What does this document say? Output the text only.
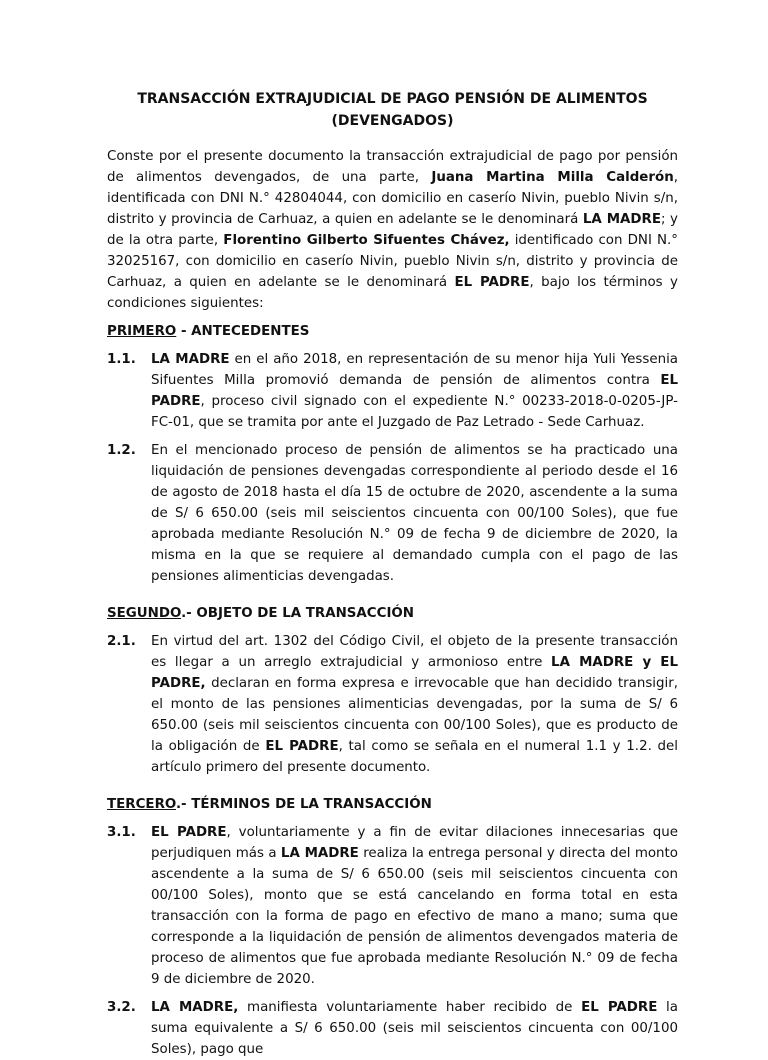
TRANSACCIÓN EXTRAJUDICIAL DE PAGO PENSIÓN DE ALIMENTOS
(DEVENGADOS)

Conste por el presente documento la transacción extrajudicial de pago por pensión de alimentos devengados, de una parte, Juana Martina Milla Calderón, identificada con DNI N.° 42804044, con domicilio en caserío Nivin, pueblo Nivin s/n, distrito y provincia de Carhuaz, a quien en adelante se le denominará LA MADRE; y de la otra parte, Florentino Gilberto Sifuentes Chávez, identificado con DNI N.° 32025167, con domicilio en caserío Nivin, pueblo Nivin s/n, distrito y provincia de Carhuaz, a quien en adelante se le denominará EL PADRE, bajo los términos y condiciones siguientes:

PRIMERO - ANTECEDENTES
1.1.	LA MADRE en el año 2018, en representación de su menor hija Yuli Yessenia Sifuentes Milla promovió demanda de pensión de alimentos contra EL PADRE, proceso civil signado con el expediente N.° 00233-2018-0-0205-JP-FC-01, que se tramita por ante el Juzgado de Paz Letrado - Sede Carhuaz.
1.2.	En el mencionado proceso de pensión de alimentos se ha practicado una liquidación de pensiones devengadas correspondiente al periodo desde el 16 de agosto de 2018 hasta el día 15 de octubre de 2020, ascendente a la suma de S/ 6 650.00 (seis mil seiscientos cincuenta con 00/100 Soles), que fue aprobada mediante Resolución N.° 09 de fecha 9 de diciembre de 2020, la misma en la que se requiere al demandado cumpla con el pago de las pensiones alimenticias devengadas.
SEGUNDO.- OBJETO DE LA TRANSACCIÓN
2.1.	En virtud del art. 1302 del Código Civil, el objeto de la presente transacción es llegar a un arreglo extrajudicial y armonioso entre LA MADRE y EL PADRE, declaran en forma expresa e irrevocable que han decidido transigir, el monto de las pensiones alimenticias devengadas, por la suma de S/ 6 650.00 (seis mil seiscientos cincuenta con 00/100 Soles), que es producto de la obligación de EL PADRE, tal como se señala en el numeral 1.1 y 1.2. del artículo primero del presente documento.
TERCERO.- TÉRMINOS DE LA TRANSACCIÓN
3.1.	EL PADRE, voluntariamente y a fin de evitar dilaciones innecesarias que perjudiquen más a LA MADRE realiza la entrega personal y directa del monto ascendente a la suma de S/ 6 650.00 (seis mil seiscientos cincuenta con 00/100 Soles), monto que se está cancelando en forma total en esta transacción con la forma de pago en efectivo de mano a mano; suma que corresponde a la liquidación de pensión de alimentos devengados materia de proceso de alimentos que fue aprobada mediante Resolución N.° 09 de fecha 9 de diciembre de 2020.
3.2.	LA MADRE, manifiesta voluntariamente haber recibido de EL PADRE la suma equivalente a S/ 6 650.00 (seis mil seiscientos cincuenta con 00/100 Soles), pago que
